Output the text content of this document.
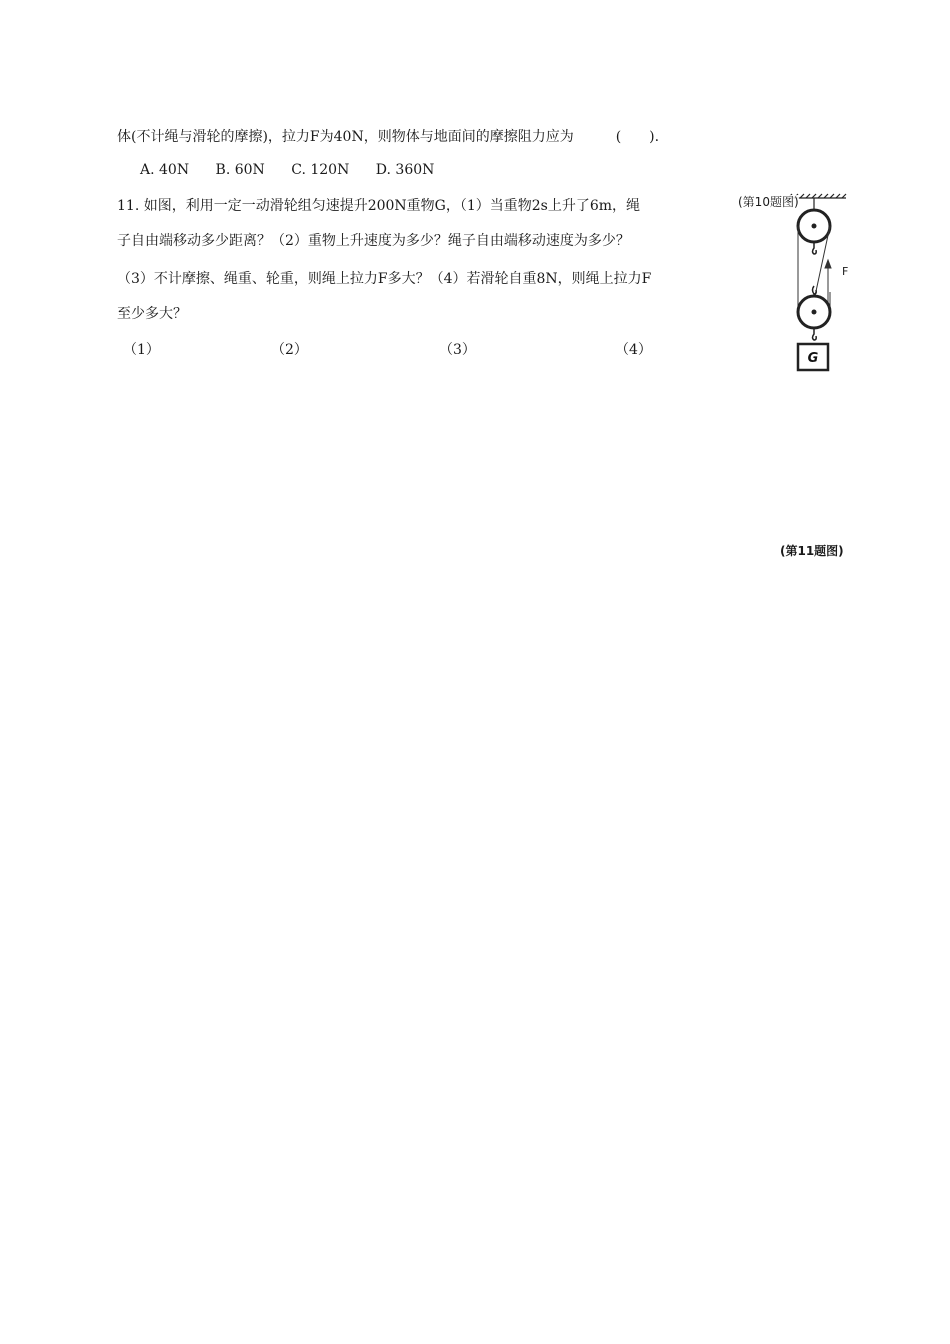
体(不计绳与滑轮的摩擦)，拉力F为40N，则物体与地面间的摩擦阻力应为　　　(　　).
A. 40N B. 60N C. 120N D. 360N
11. 如图，利用一定一动滑轮组匀速提升200N重物G，（1）当重物2s上升了6m，绳
子自由端移动多少距离？（2）重物上升速度为多少？绳子自由端移动速度为多少？
（3）不计摩擦、绳重、轮重，则绳上拉力F多大？（4）若滑轮自重8N，则绳上拉力F
至少多大？
（1）	（2）	（3）	（4）
G
F
(第10题图)
(第11题图)
